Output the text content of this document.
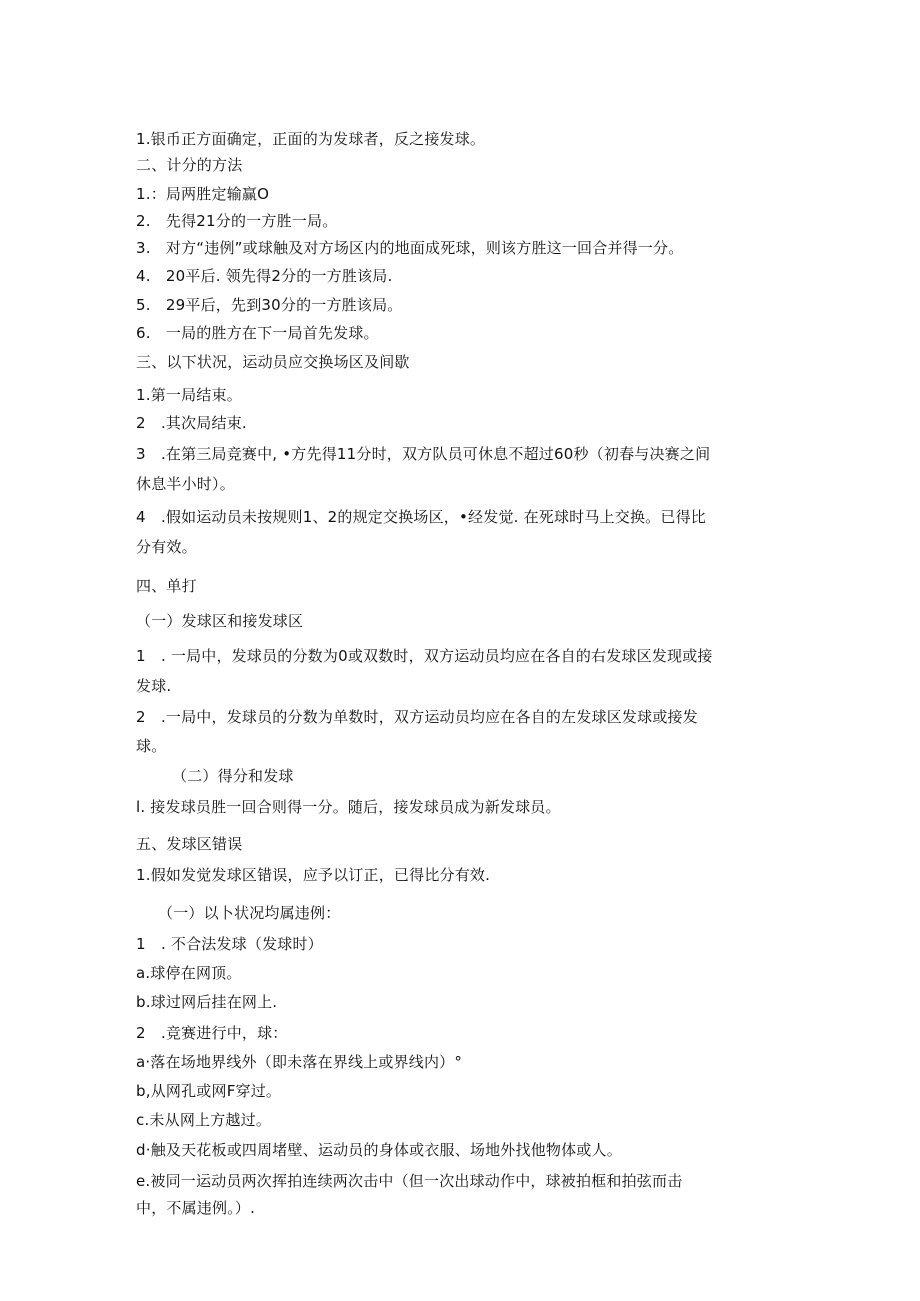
1.银币正方面确定，正面的为发球者，反之接发球。
二、计分的方法
1.：局两胜定输赢O
2.　先得21分的一方胜一局。
3.　对方“违例”或球触及对方场区内的地面成死球，则该方胜这一回合并得一分。
4.　20平后. 领先得2分的一方胜该局.
5.　29平后，先到30分的一方胜该局。
6.　一局的胜方在下一局首先发球。
三、以下状况，运动员应交换场区及间歇
1.第一局结束。
2　.其次局结束.
3　.在第三局竞赛中, •方先得11分时，双方队员可休息不超过60秒（初春与决赛之间
休息半小时）。
4　.假如运动员未按规则1、2的规定交换场区，•经发觉. 在死球时马上交换。已得比
分有效。
四、单打
（一）发球区和接发球区
1　. 一局中，发球员的分数为0或双数时，双方运动员均应在各自的右发球区发现或接
发球.
2　.一局中，发球员的分数为单数时，双方运动员均应在各自的左发球区发球或接发
球。
（二）得分和发球
l. 接发球员胜一回合则得一分。随后，接发球员成为新发球员。
五、发球区错误
1.假如发觉发球区错误，应予以订正，已得比分有效.
（一）以卜状况均属违例：
1　. 不合法发球（发球时）
a.球停在网顶。
b.球过网后挂在网上.
2　.竞赛进行中，球：
a·落在场地界线外（即未落在界线上或界线内）°
b,从网孔或网F穿过。
c.未从网上方越过。
d·触及天花板或四周堵壁、运动员的身体或衣服、场地外找他物体或人。
e.被同一运动员两次挥拍连续两次击中（但一次出球动作中，球被拍框和拍弦而击
中，不属违例。）.
